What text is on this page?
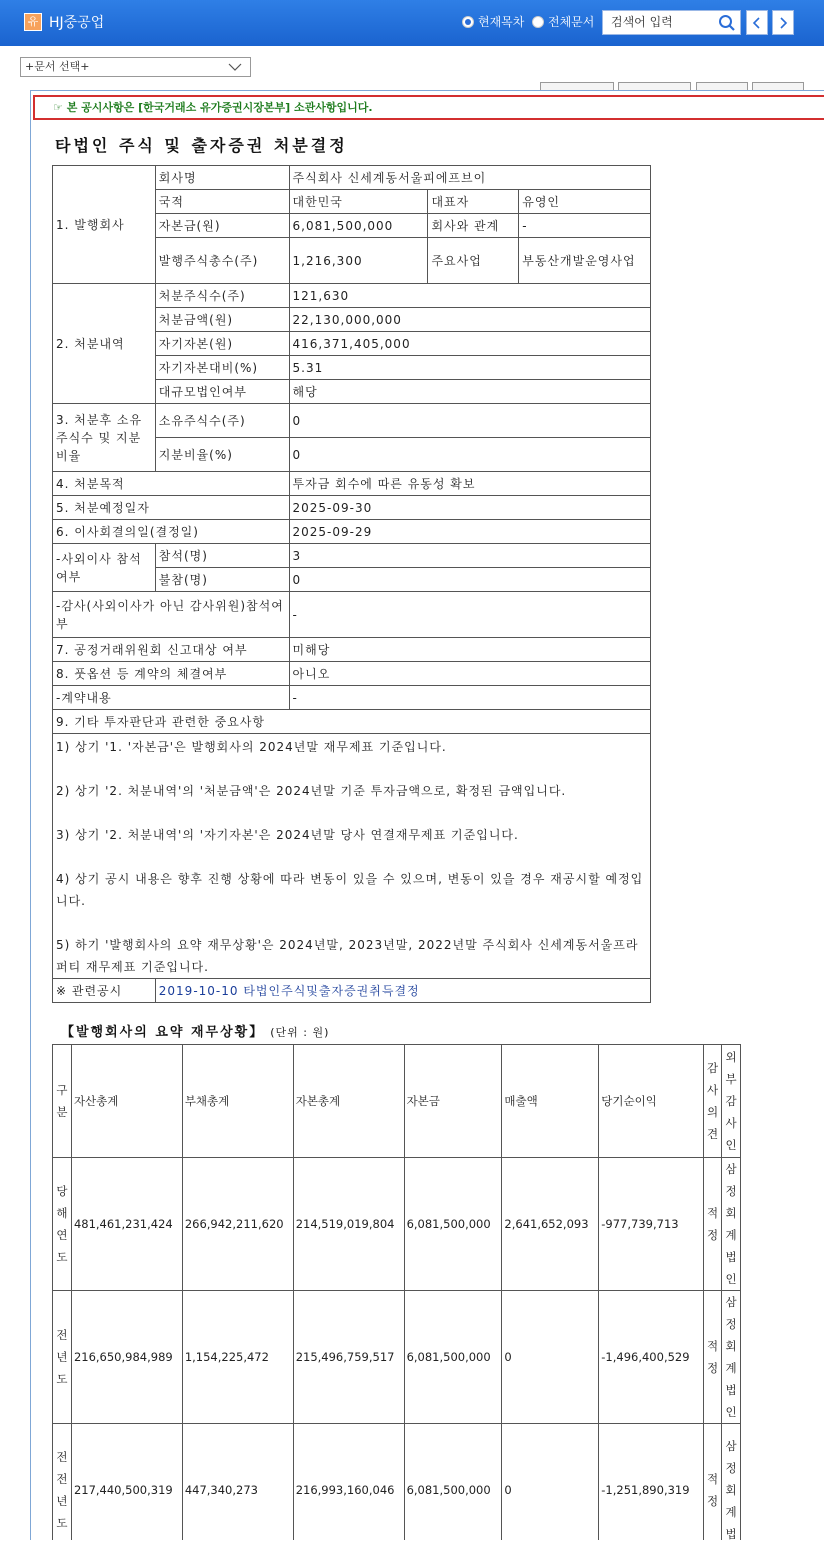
유 HJ중공업	현재목차 전체문서	검색어 입력
+문서 선택+
☞ 본 공시사항은 [한국거래소 유가증권시장본부] 소관사항입니다.
타법인 주식 및 출자증권 처분결정
1. 발행회사	회사명	주식회사 신세계동서울피에프브이		
	국적	대한민국	대표자	유영인
	자본금(원)	6,081,500,000	회사와 관계	-
	발행주식총수(주)	1,216,300	주요사업	부동산개발운영사업
2. 처분내역	처분주식수(주)	121,630		
	처분금액(원)	22,130,000,000		
	자기자본(원)	416,371,405,000		
	자기자본대비(%)	5.31		
	대규모법인여부	해당		
3. 처분후 소유주식수 및 지분비율	소유주식수(주)	0		
	지분비율(%)	0		
4. 처분목적		투자금 회수에 따른 유동성 확보		
5. 처분예정일자		2025-09-30		
6. 이사회결의일(결정일)		2025-09-29		
-사외이사 참석여부	참석(명)	3		
	불참(명)	0		
-감사(사외이사가 아닌 감사위원)참석여부		-		
7. 공정거래위원회 신고대상 여부		미해당		
8. 풋옵션 등 계약의 체결여부		아니오		
-계약내용		-		
9. 기타 투자판단과 관련한 중요사항				

1) 상기 '1. '자본금'은 발행회사의 2024년말 재무제표 기준입니다.
2) 상기 '2. 처분내역'의 '처분금액'은 2024년말 기준 투자금액으로, 확정된 금액입니다.
3) 상기 '2. 처분내역'의 '자기자본'은 2024년말 당사 연결재무제표 기준입니다.
4) 상기 공시 내용은 향후 진행 상황에 따라 변동이 있을 수 있으며, 변동이 있을 경우 재공시할 예정입니다.
5) 하기 '발행회사의 요약 재무상황'은 2024년말, 2023년말, 2022년말 주식회사 신세계동서울프라퍼티 재무제표 기준입니다.				

※ 관련공시	2019-10-10 타법인주식및출자증권취득결정			
【발행회사의 요약 재무상황】 (단위 : 원)
구분	자산총계	부채총계	자본총계	자본금	매출액	당기순이익	감사의견	외부감사인
당해연도	481,461,231,424	266,942,211,620	214,519,019,804	6,081,500,000	2,641,652,093	-977,739,713	적정	삼정회계법인
전년도	216,650,984,989	1,154,225,472	215,496,759,517	6,081,500,000	0	-1,496,400,529	적정	삼정회계법인
전전년도	217,440,500,319	447,340,273	216,993,160,046	6,081,500,000	0	-1,251,890,319	적정	삼정회계법
